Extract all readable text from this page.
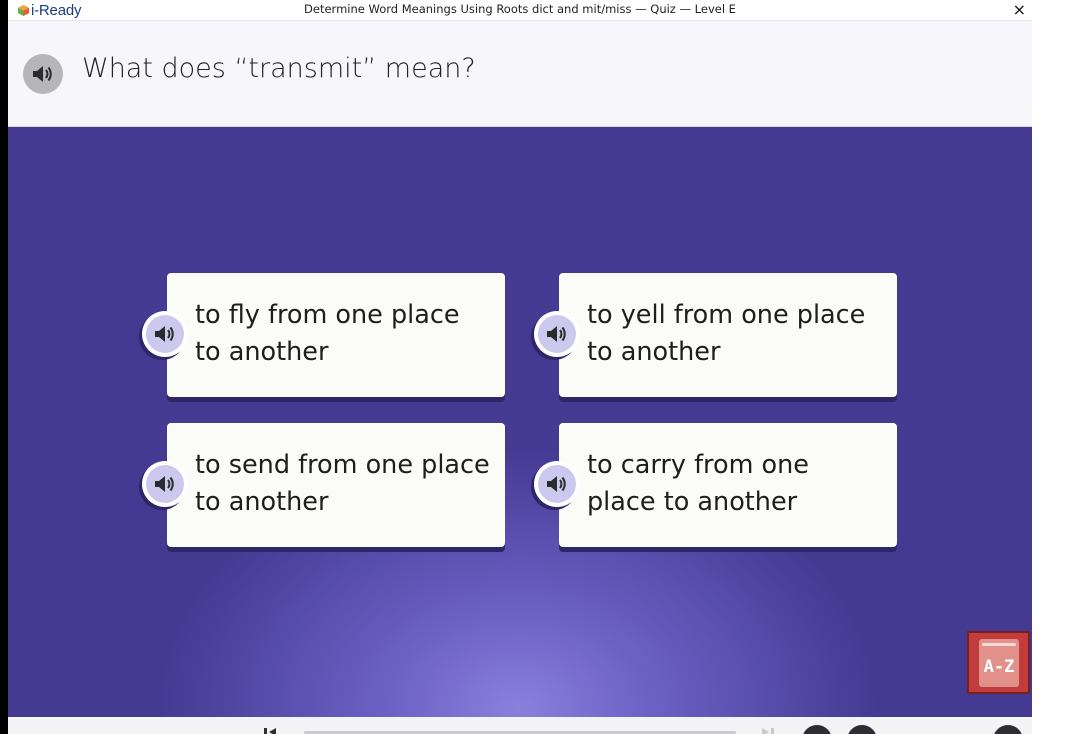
i-Ready	Determine Word Meanings Using Roots dict and mit/miss — Quiz — Level E	×
What does “transmit” mean?
to fly from one place to another
to yell from one place to another
to send from one place to another
to carry from one place to another
A-Z
